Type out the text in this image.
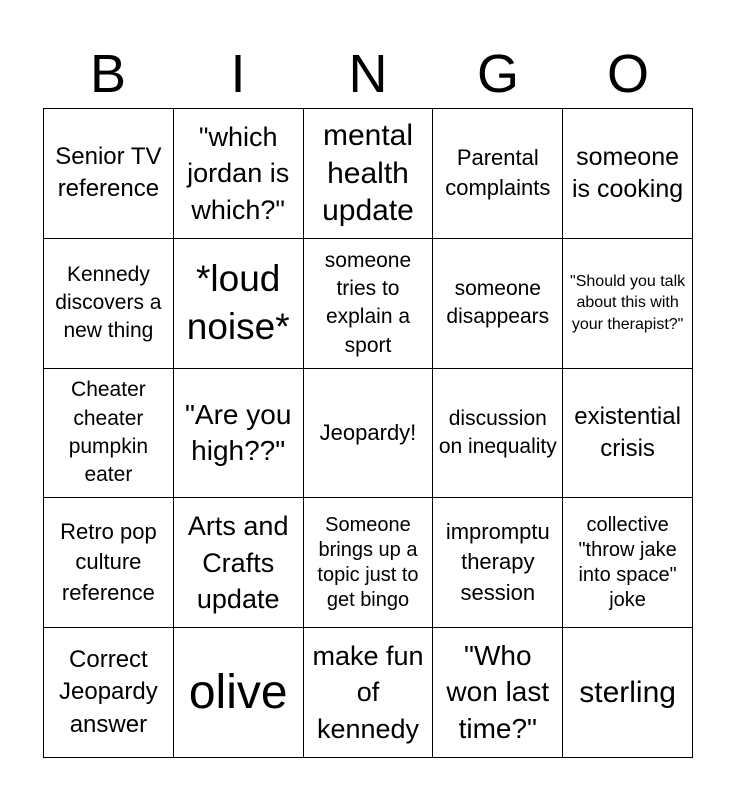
B	I	N	G	O
Senior TV reference
"which jordan is which?"
mental health update
Parental complaints
someone is cooking
Kennedy discovers a new thing
*loud noise*
someone tries to explain a sport
someone disappears
"Should you talk about this with your therapist?"
Cheater cheater pumpkin eater
"Are you high??"
Jeopardy!
discussion on inequality
existential crisis
Retro pop culture reference
Arts and Crafts update
Someone brings up a topic just to get bingo
impromptu therapy session
collective "throw jake into space" joke
Correct Jeopardy answer
olive
make fun of kennedy
"Who won last time?"
sterling
